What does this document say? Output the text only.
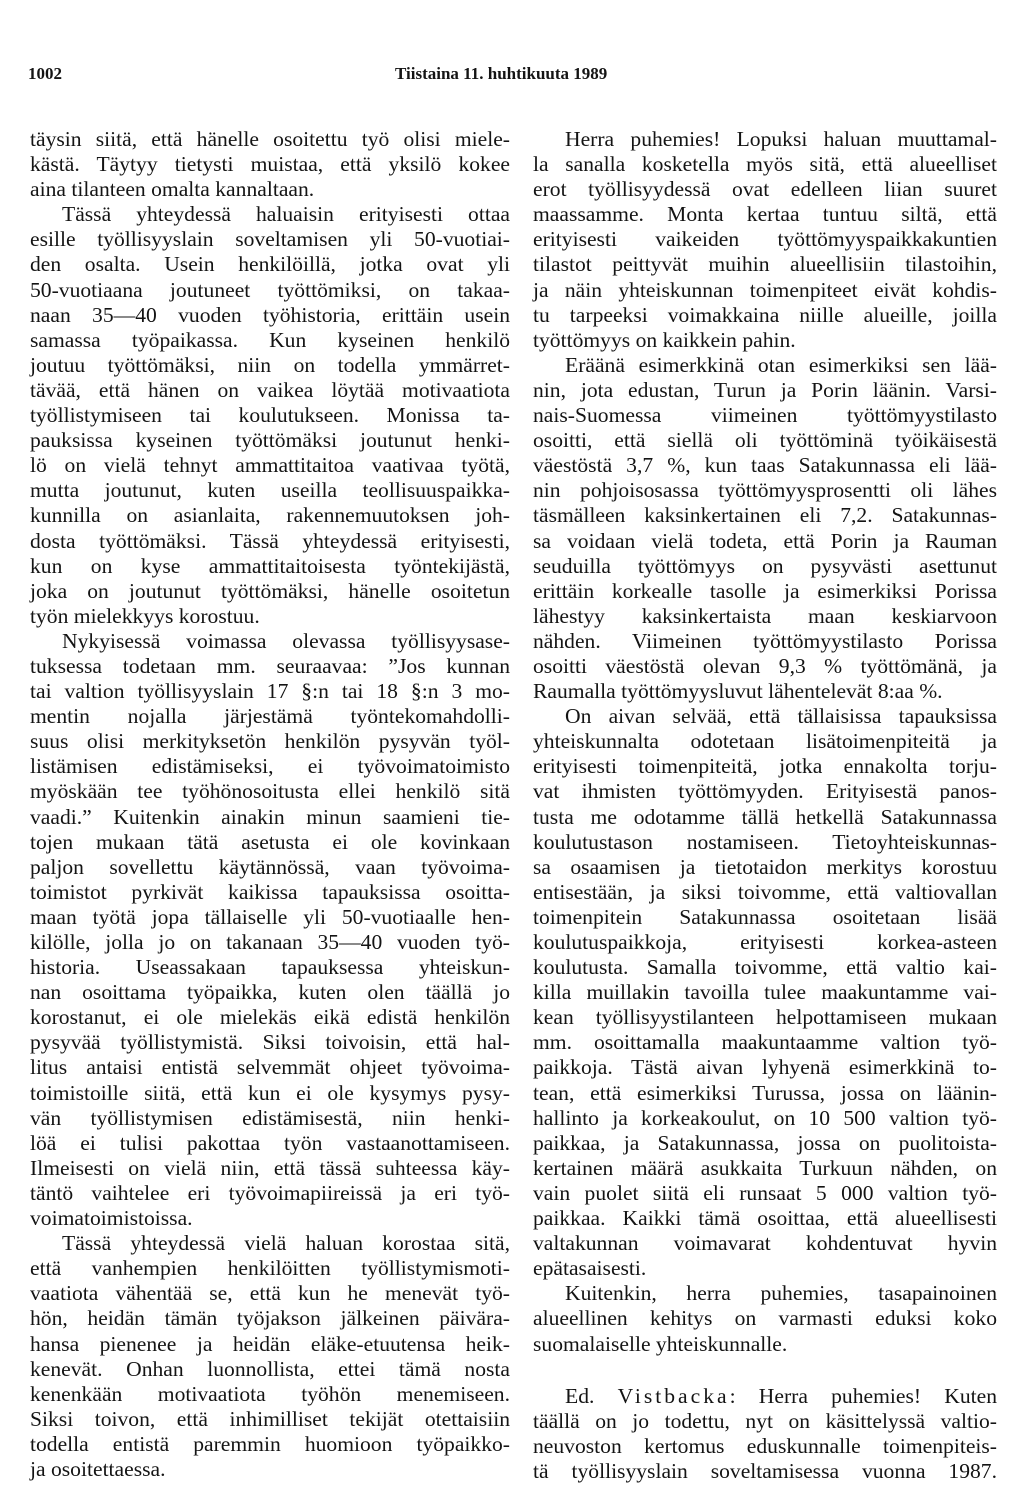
1002	Tiistaina 11. huhtikuuta 1989
täysin siitä, että hänelle osoitettu työ olisi miele-
kästä. Täytyy tietysti muistaa, että yksilö kokee
aina tilanteen omalta kannaltaan.
Tässä yhteydessä haluaisin erityisesti ottaa
esille työllisyyslain soveltamisen yli 50-vuotiai-
den osalta. Usein henkilöillä, jotka ovat yli
50-vuotiaana joutuneet työttömiksi, on takaa-
naan 35—40 vuoden työhistoria, erittäin usein
samassa työpaikassa. Kun kyseinen henkilö
joutuu työttömäksi, niin on todella ymmärret-
tävää, että hänen on vaikea löytää motivaatiota
työllistymiseen tai koulutukseen. Monissa ta-
pauksissa kyseinen työttömäksi joutunut henki-
lö on vielä tehnyt ammattitaitoa vaativaa työtä,
mutta joutunut, kuten useilla teollisuuspaikka-
kunnilla on asianlaita, rakennemuutoksen joh-
dosta työttömäksi. Tässä yhteydessä erityisesti,
kun on kyse ammattitaitoisesta työntekijästä,
joka on joutunut työttömäksi, hänelle osoitetun
työn mielekkyys korostuu.
Nykyisessä voimassa olevassa työllisyysase-
tuksessa todetaan mm. seuraavaa: ”Jos kunnan
tai valtion työllisyyslain 17 §:n tai 18 §:n 3 mo-
mentin nojalla järjestämä työntekomahdolli-
suus olisi merkityksetön henkilön pysyvän työl-
listämisen edistämiseksi, ei työvoimatoimisto
myöskään tee työhönosoitusta ellei henkilö sitä
vaadi.” Kuitenkin ainakin minun saamieni tie-
tojen mukaan tätä asetusta ei ole kovinkaan
paljon sovellettu käytännössä, vaan työvoima-
toimistot pyrkivät kaikissa tapauksissa osoitta-
maan työtä jopa tällaiselle yli 50-vuotiaalle hen-
kilölle, jolla jo on takanaan 35—40 vuoden työ-
historia. Useassakaan tapauksessa yhteiskun-
nan osoittama työpaikka, kuten olen täällä jo
korostanut, ei ole mielekäs eikä edistä henkilön
pysyvää työllistymistä. Siksi toivoisin, että hal-
litus antaisi entistä selvemmät ohjeet työvoima-
toimistoille siitä, että kun ei ole kysymys pysy-
vän työllistymisen edistämisestä, niin henki-
löä ei tulisi pakottaa työn vastaanottamiseen.
Ilmeisesti on vielä niin, että tässä suhteessa käy-
täntö vaihtelee eri työvoimapiireissä ja eri työ-
voimatoimistoissa.
Tässä yhteydessä vielä haluan korostaa sitä,
että vanhempien henkilöitten työllistymismoti-
vaatiota vähentää se, että kun he menevät työ-
hön, heidän tämän työjakson jälkeinen päivära-
hansa pienenee ja heidän eläke-etuutensa heik-
kenevät. Onhan luonnollista, ettei tämä nosta
kenenkään motivaatiota työhön menemiseen.
Siksi toivon, että inhimilliset tekijät otettaisiin
todella entistä paremmin huomioon työpaikko-
ja osoitettaessa.
Herra puhemies! Lopuksi haluan muuttamal-
la sanalla kosketella myös sitä, että alueelliset
erot työllisyydessä ovat edelleen liian suuret
maassamme. Monta kertaa tuntuu siltä, että
erityisesti vaikeiden työttömyyspaikkakuntien
tilastot peittyvät muihin alueellisiin tilastoihin,
ja näin yhteiskunnan toimenpiteet eivät kohdis-
tu tarpeeksi voimakkaina niille alueille, joilla
työttömyys on kaikkein pahin.
Eräänä esimerkkinä otan esimerkiksi sen lää-
nin, jota edustan, Turun ja Porin läänin. Varsi-
nais-Suomessa viimeinen työttömyystilasto
osoitti, että siellä oli työttöminä työikäisestä
väestöstä 3,7 %, kun taas Satakunnassa eli lää-
nin pohjoisosassa työttömyysprosentti oli lähes
täsmälleen kaksinkertainen eli 7,2. Satakunnas-
sa voidaan vielä todeta, että Porin ja Rauman
seuduilla työttömyys on pysyvästi asettunut
erittäin korkealle tasolle ja esimerkiksi Porissa
lähestyy kaksinkertaista maan keskiarvoon
nähden. Viimeinen työttömyystilasto Porissa
osoitti väestöstä olevan 9,3 % työttömänä, ja
Raumalla työttömyysluvut lähentelevät 8:aa %.
On aivan selvää, että tällaisissa tapauksissa
yhteiskunnalta odotetaan lisätoimenpiteitä ja
erityisesti toimenpiteitä, jotka ennakolta torju-
vat ihmisten työttömyyden. Erityisestä panos-
tusta me odotamme tällä hetkellä Satakunnassa
koulutustason nostamiseen. Tietoyhteiskunnas-
sa osaamisen ja tietotaidon merkitys korostuu
entisestään, ja siksi toivomme, että valtiovallan
toimenpitein Satakunnassa osoitetaan lisää
koulutuspaikkoja, erityisesti korkea-asteen
koulutusta. Samalla toivomme, että valtio kai-
killa muillakin tavoilla tulee maakuntamme vai-
kean työllisyystilanteen helpottamiseen mukaan
mm. osoittamalla maakuntaamme valtion työ-
paikkoja. Tästä aivan lyhyenä esimerkkinä to-
tean, että esimerkiksi Turussa, jossa on läänin-
hallinto ja korkeakoulut, on 10 500 valtion työ-
paikkaa, ja Satakunnassa, jossa on puolitoista-
kertainen määrä asukkaita Turkuun nähden, on
vain puolet siitä eli runsaat 5 000 valtion työ-
paikkaa. Kaikki tämä osoittaa, että alueellisesti
valtakunnan voimavarat kohdentuvat hyvin
epätasaisesti.
Kuitenkin, herra puhemies, tasapainoinen
alueellinen kehitys on varmasti eduksi koko
suomalaiselle yhteiskunnalle.
Ed. Vistbacka: Herra puhemies! Kuten
täällä on jo todettu, nyt on käsittelyssä valtio-
neuvoston kertomus eduskunnalle toimenpiteis-
tä työllisyyslain soveltamisessa vuonna 1987.
